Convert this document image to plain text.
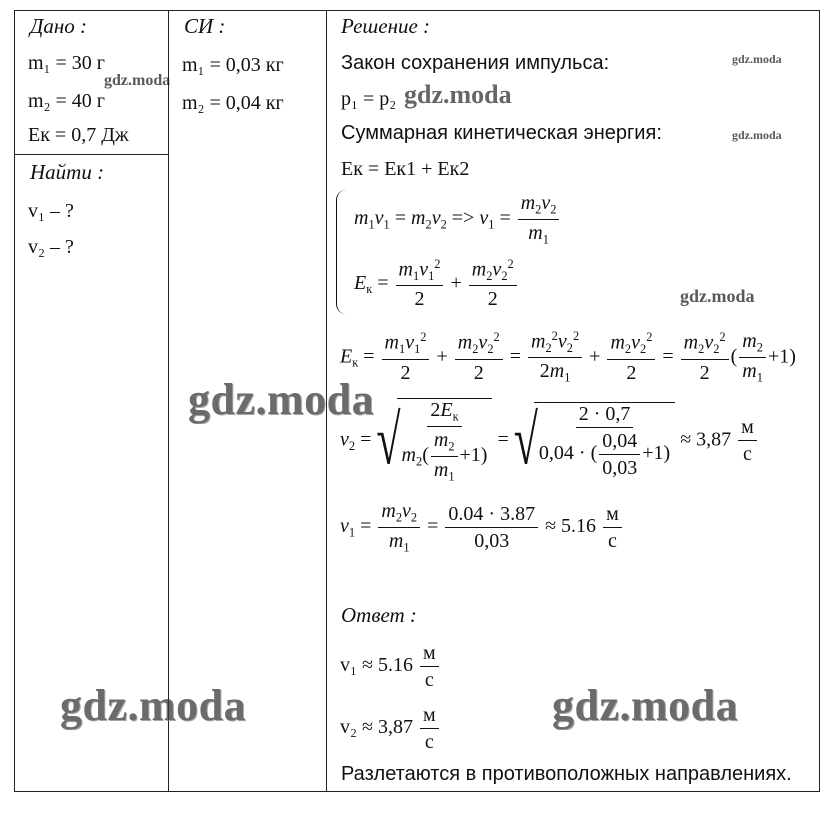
Дано :
m₁ = 30 г
m₂ = 40 г
Eк = 0,7 Дж
Найти :
v₁ – ?
v₂ – ?
СИ :
m₁ = 0,03 кг
m₂ = 0,04 кг
Решение :
Закон сохранения импульса:
p₁ = p₂
Суммарная кинетическая энергия:
Eк = Eк1 + Eк2
$m_1v_1 = m_2v_2 => v_1 = \frac{m_2v_2}{m_1}$
$E_к = \frac{m_1v_1^2}{2} + \frac{m_2v_2^2}{2}$
$E_к = \frac{m_1v_1^2}{2} + \frac{m_2v_2^2}{2} = \frac{m_2^2v_2^2}{2m_1} + \frac{m_2v_2^2}{2} = \frac{m_2v_2^2}{2}$ ( $\frac{m_2}{m_1} +1$)
$v_2$ = √
$\frac{2E_к}{m_2( \frac{m_2}{m_1} +1)}$ = √
$\frac{2 \cdot 0,7}{0,04 \cdot ( \frac{0,04}{0,03} +1)} \approx 3,87 \frac{м}{с}$
$v_1 = \frac{m_2v_2}{m_1} = \frac{0.04 \cdot 3.87}{0,03} \approx 5.16 \frac{м}{с}$
Ответ :
$v_1 \approx 5.16 \frac{м}{с}$
$v_2 \approx 3,87 \frac{м}{с}$
Разлетаются в противоположных направлениях.
gdz.moda
gdz.moda
gdz.moda	gdz.moda
gdz.moda
gdz.moda
gdz.moda	gdz.moda
